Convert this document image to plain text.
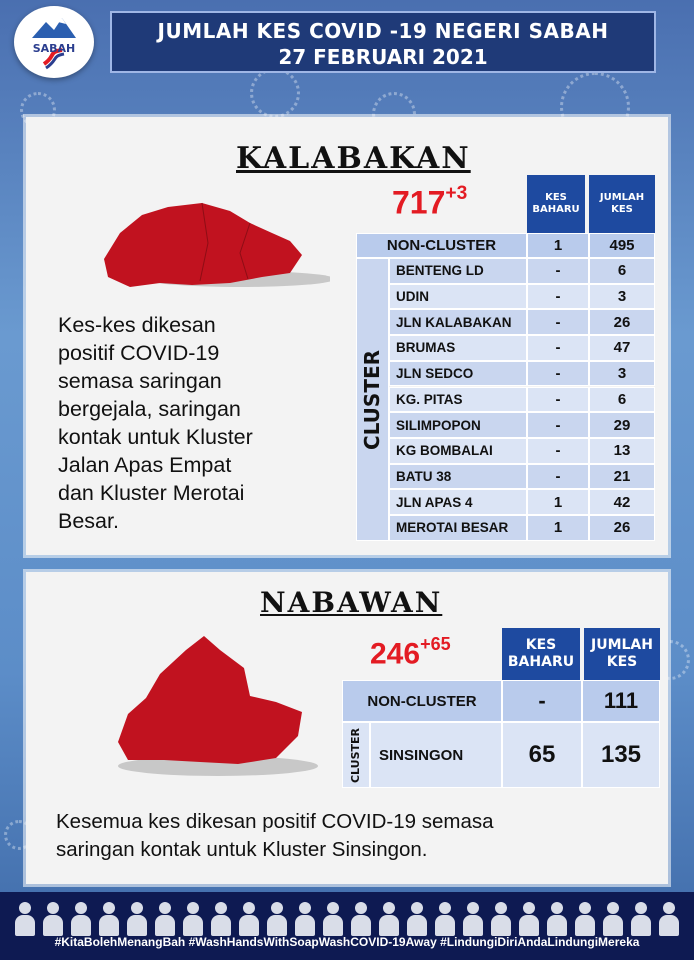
SABAH
JUMLAH KES COVID -19 NEGERI SABAH
27 FEBRUARI 2021
KALABAKAN
Kes-kes dikesan
positif COVID-19
semasa saringan
bergejala, saringan
kontak untuk Kluster
Jalan Apas Empat
dan Kluster Merotai
Besar.
$717^{+3}$	KES
BAHARU
JUMLAH
KES
NON-CLUSTER	1	495
CLUSTER
BENTENG LD	-	6
UDIN	-	3
JLN KALABAKAN	-	26
BRUMAS	-	47
JLN SEDCO	-	3
KG. PITAS	-	6
SILIMPOPON	-	29
KG BOMBALAI	-	13
BATU 38	-	21
JLN APAS 4	1	42
MEROTAI BESAR	1	26
NABAWAN
$246^{+65}$	KES
BAHARU
JUMLAH
KES
NON-CLUSTER	-	111
CLUSTER	SINSINGON	65	135
Kesemua kes dikesan positif COVID-19 semasa
saringan kontak untuk Kluster Sinsingon.
#KitaBolehMenangBah #WashHandsWithSoapWashCOVID-19Away #LindungiDiriAndaLindungiMereka
